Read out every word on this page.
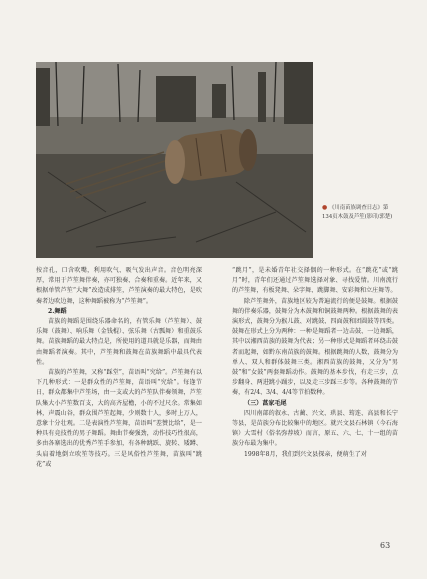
● 《川南苗族调查日志》第134页木鼓及芦笙(影印/郭楚)

按音孔，口含吹嘴，利用吹气、吸气发出声音。音色明亮深厚，常用于芦笙舞伴奏，亦可独奏、合奏和重奏。近年来，又根据单管芦笙“大舞”改造成排笙，芦笙演奏的最大特色，是吹奏者边吹边舞，这种舞蹈被称为“芦笙舞”。

2.舞蹈

苗族的舞蹈是围绕乐器命名的，有管乐舞（芦笙舞）、鼓乐舞（鼓舞）、响乐舞（金钱棍）、弦乐舞（古瓢舞）和重鼓乐舞。苗族舞蹈的最大特点是，所使用的道具就是乐器，而舞由由舞蹈者演奏。其中，芦笙舞和鼓舞在苗族舞蹈中最具代表性。

苗族的芦笙舞，又称“踩堂”，苗语叫“究给”。芦笙舞有以下几种形式：一是群众性的芦笙舞，苗语叫“究给”。每逢节日，群众都集中芦笙场，由一支或大的芦笙队伴奏领舞，芦笙队集大小芦笙数百支，大的高齐屋檐，小的不过尺余。常集如林，声震山谷，群众围芦笙起舞，少则数十人，多时上万人，意象十分壮观。二是表演性芦笙舞，苗语叫“差赞比给”，是一种具有竞技性的男子舞蹈。舞曲节奏强劲，动作技巧性很高，多由各寨选出的优秀芦笙手参加，有各种跳跃、旋转、矮蹲、头肩着地倒立吹笙等技巧。三是风俗性芦笙舞，苗族叫“跳花”或

“跳月”，是未婚青年社交择偶的一种形式。在“跳花”或“跳月”时，青年们还通过芦笙舞选择对象、寻找爱情。川南流行的芦笙舞，有板凳舞、朵字舞、跳脚舞、安彩舞和立庄舞等。

除芦笙舞外，苗族地区较为普遍流行的便是鼓舞。根据鼓舞的伴奏乐器，鼓舞分为木鼓舞和铜鼓舞两种。根据鼓舞的表演形式，鼓舞分为猴儿鼓、对跳鼓、四面鼓和团圆鼓等四类。鼓舞在形式上分为两种：一种是舞蹈者一边击鼓、一边舞蹈，其中以湘西苗族的鼓舞为代表；另一种形式是舞蹈者环绕击鼓者而起舞，如黔东南苗族的鼓舞。根据跳舞的人数，鼓舞分为单人、双人和群体鼓舞三类。湘西苗族的鼓舞，又分为“男鼓”和“女鼓”两套舞蹈动作。鼓舞的基本步伐，有走三步，点步翻身、两进跳小踊步，以及走三步踩三步等。各种鼓舞的节奏，有2/4、3/4、4/4等节拍数种。

（三）菖家毛尾

四川南部的叙永、古蔺、兴文、珙县、筠连、高县和长宁等县，是苗族分布比较集中的地区。就兴文县石林镇（今石海镇）大雪村（俗名弥荐坡）而言，原五、六、七、十一组的苗族分布最为集中。

1998年8月，我们到兴文县探亲，便萌生了对

63
